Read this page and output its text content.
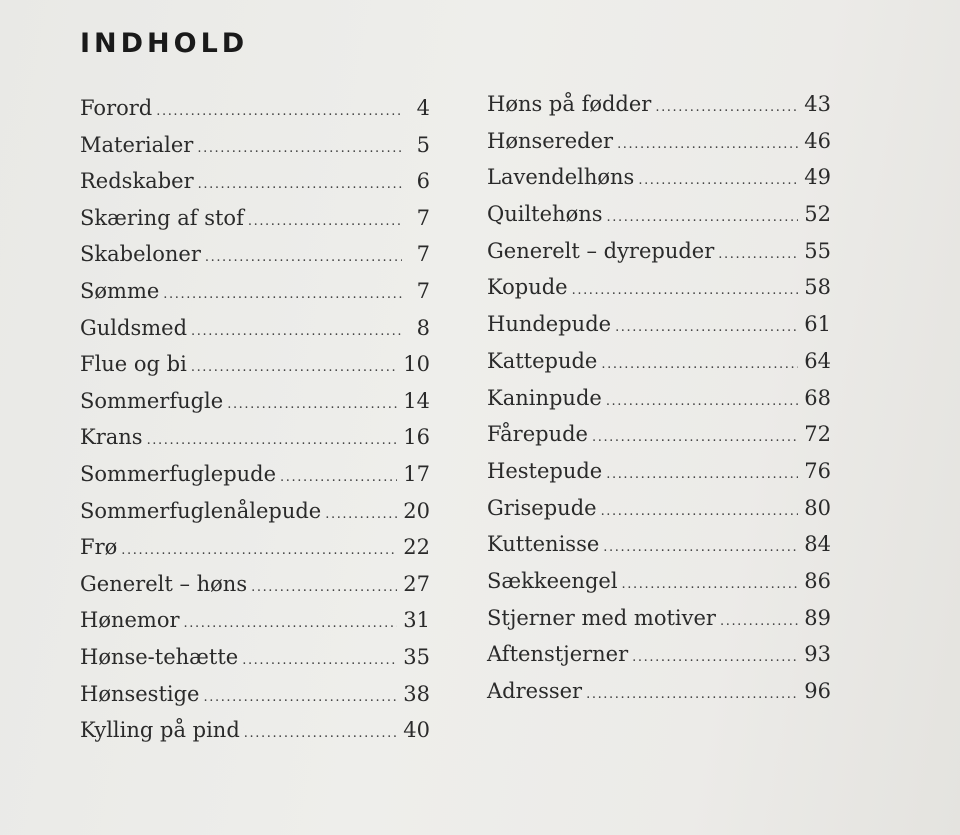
INDHOLD
Forord .....	4
Materialer .....	5
Redskaber .....	6
Skæring af stof .....	7
Skabeloner .....	7
Sømme .....	7
Guldsmed .....	8
Flue og bi .....	10
Sommerfugle .....	14
Krans .....	16
Sommerfuglepude .....	17
Sommerfuglenålepude .....	20
Frø .....	22
Generelt – høns .....	27
Hønemor .....	31
Hønse-tehætte .....	35
Hønsestige .....	38
Kylling på pind .....	40
Høns på fødder .....	43
Hønsereder .....	46
Lavendelhøns .....	49
Quiltehøns .....	52
Generelt – dyrepuder .....	55
Kopude .....	58
Hundepude .....	61
Kattepude .....	64
Kaninpude .....	68
Fårepude .....	72
Hestepude .....	76
Grisepude .....	80
Kuttenisse .....	84
Sækkeengel .....	86
Stjerner med motiver .....	89
Aftenstjerner .....	93
Adresser .....	96
